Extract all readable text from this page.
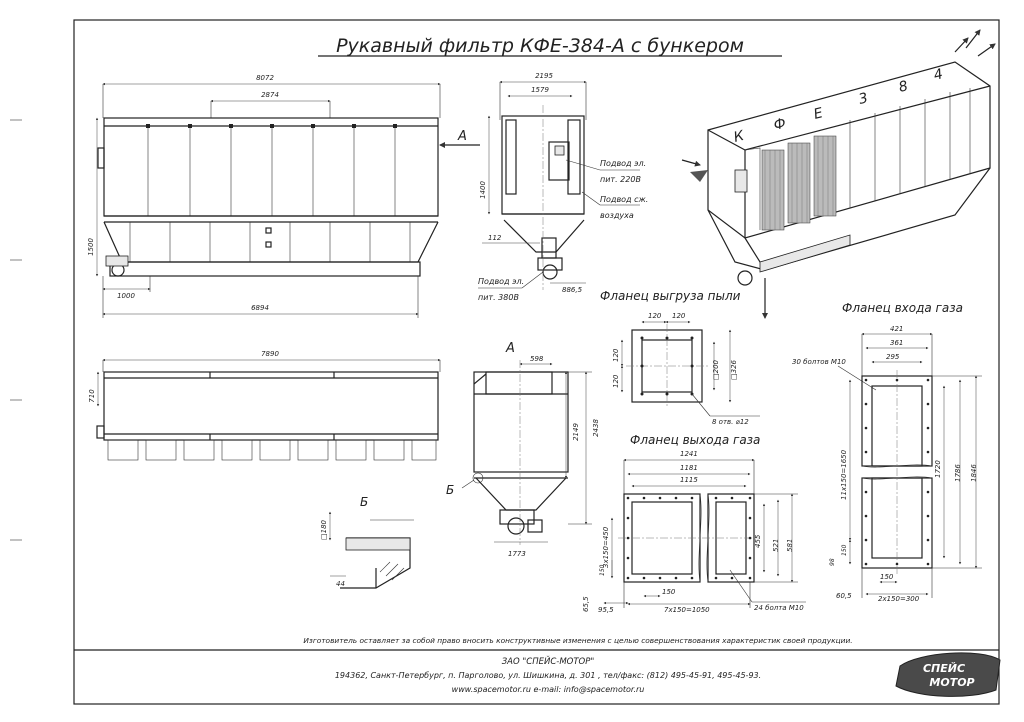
Рукавный фильтр КФЕ-384-А с бункером
8072
2874
1500
1000
6894
А
2195
1579
1400
112
886,5
Подвод эл.
пит. 220В
Подвод сж.
воздуха
Подвод эл.
пит. 380В
К
Ф
Е
3
8
4
7890
710
А
598
2149 2438
1773
Б
Б
□180
44
Фланец выгруза пыли
120 120
120
120
□200 □326
8 отв. ⌀12
Фланец выхода газа
1241
1181
1115
3х150=450
150
455 521 581
24 болта М10
65,5 95,5
150
7х150=1050
Фланец входа газа
421
361
295
30 болтов М10
11х150=1650
150
98
1720 1786 1846
150
2х150=300
60,5
Изготовитель оставляет за собой право вносить конструктивные изменения с целью совершенствования характеристик своей продукции.
ЗАО "СПЕЙС-МОТОР"
194362, Санкт-Петербург, п. Парголово, ул. Шишкина, д. 301 , тел/факс: (812) 495-45-91, 495-45-93.
www.spacemotor.ru e-mail: info@spacemotor.ru
СПЕЙС
МОТОР
